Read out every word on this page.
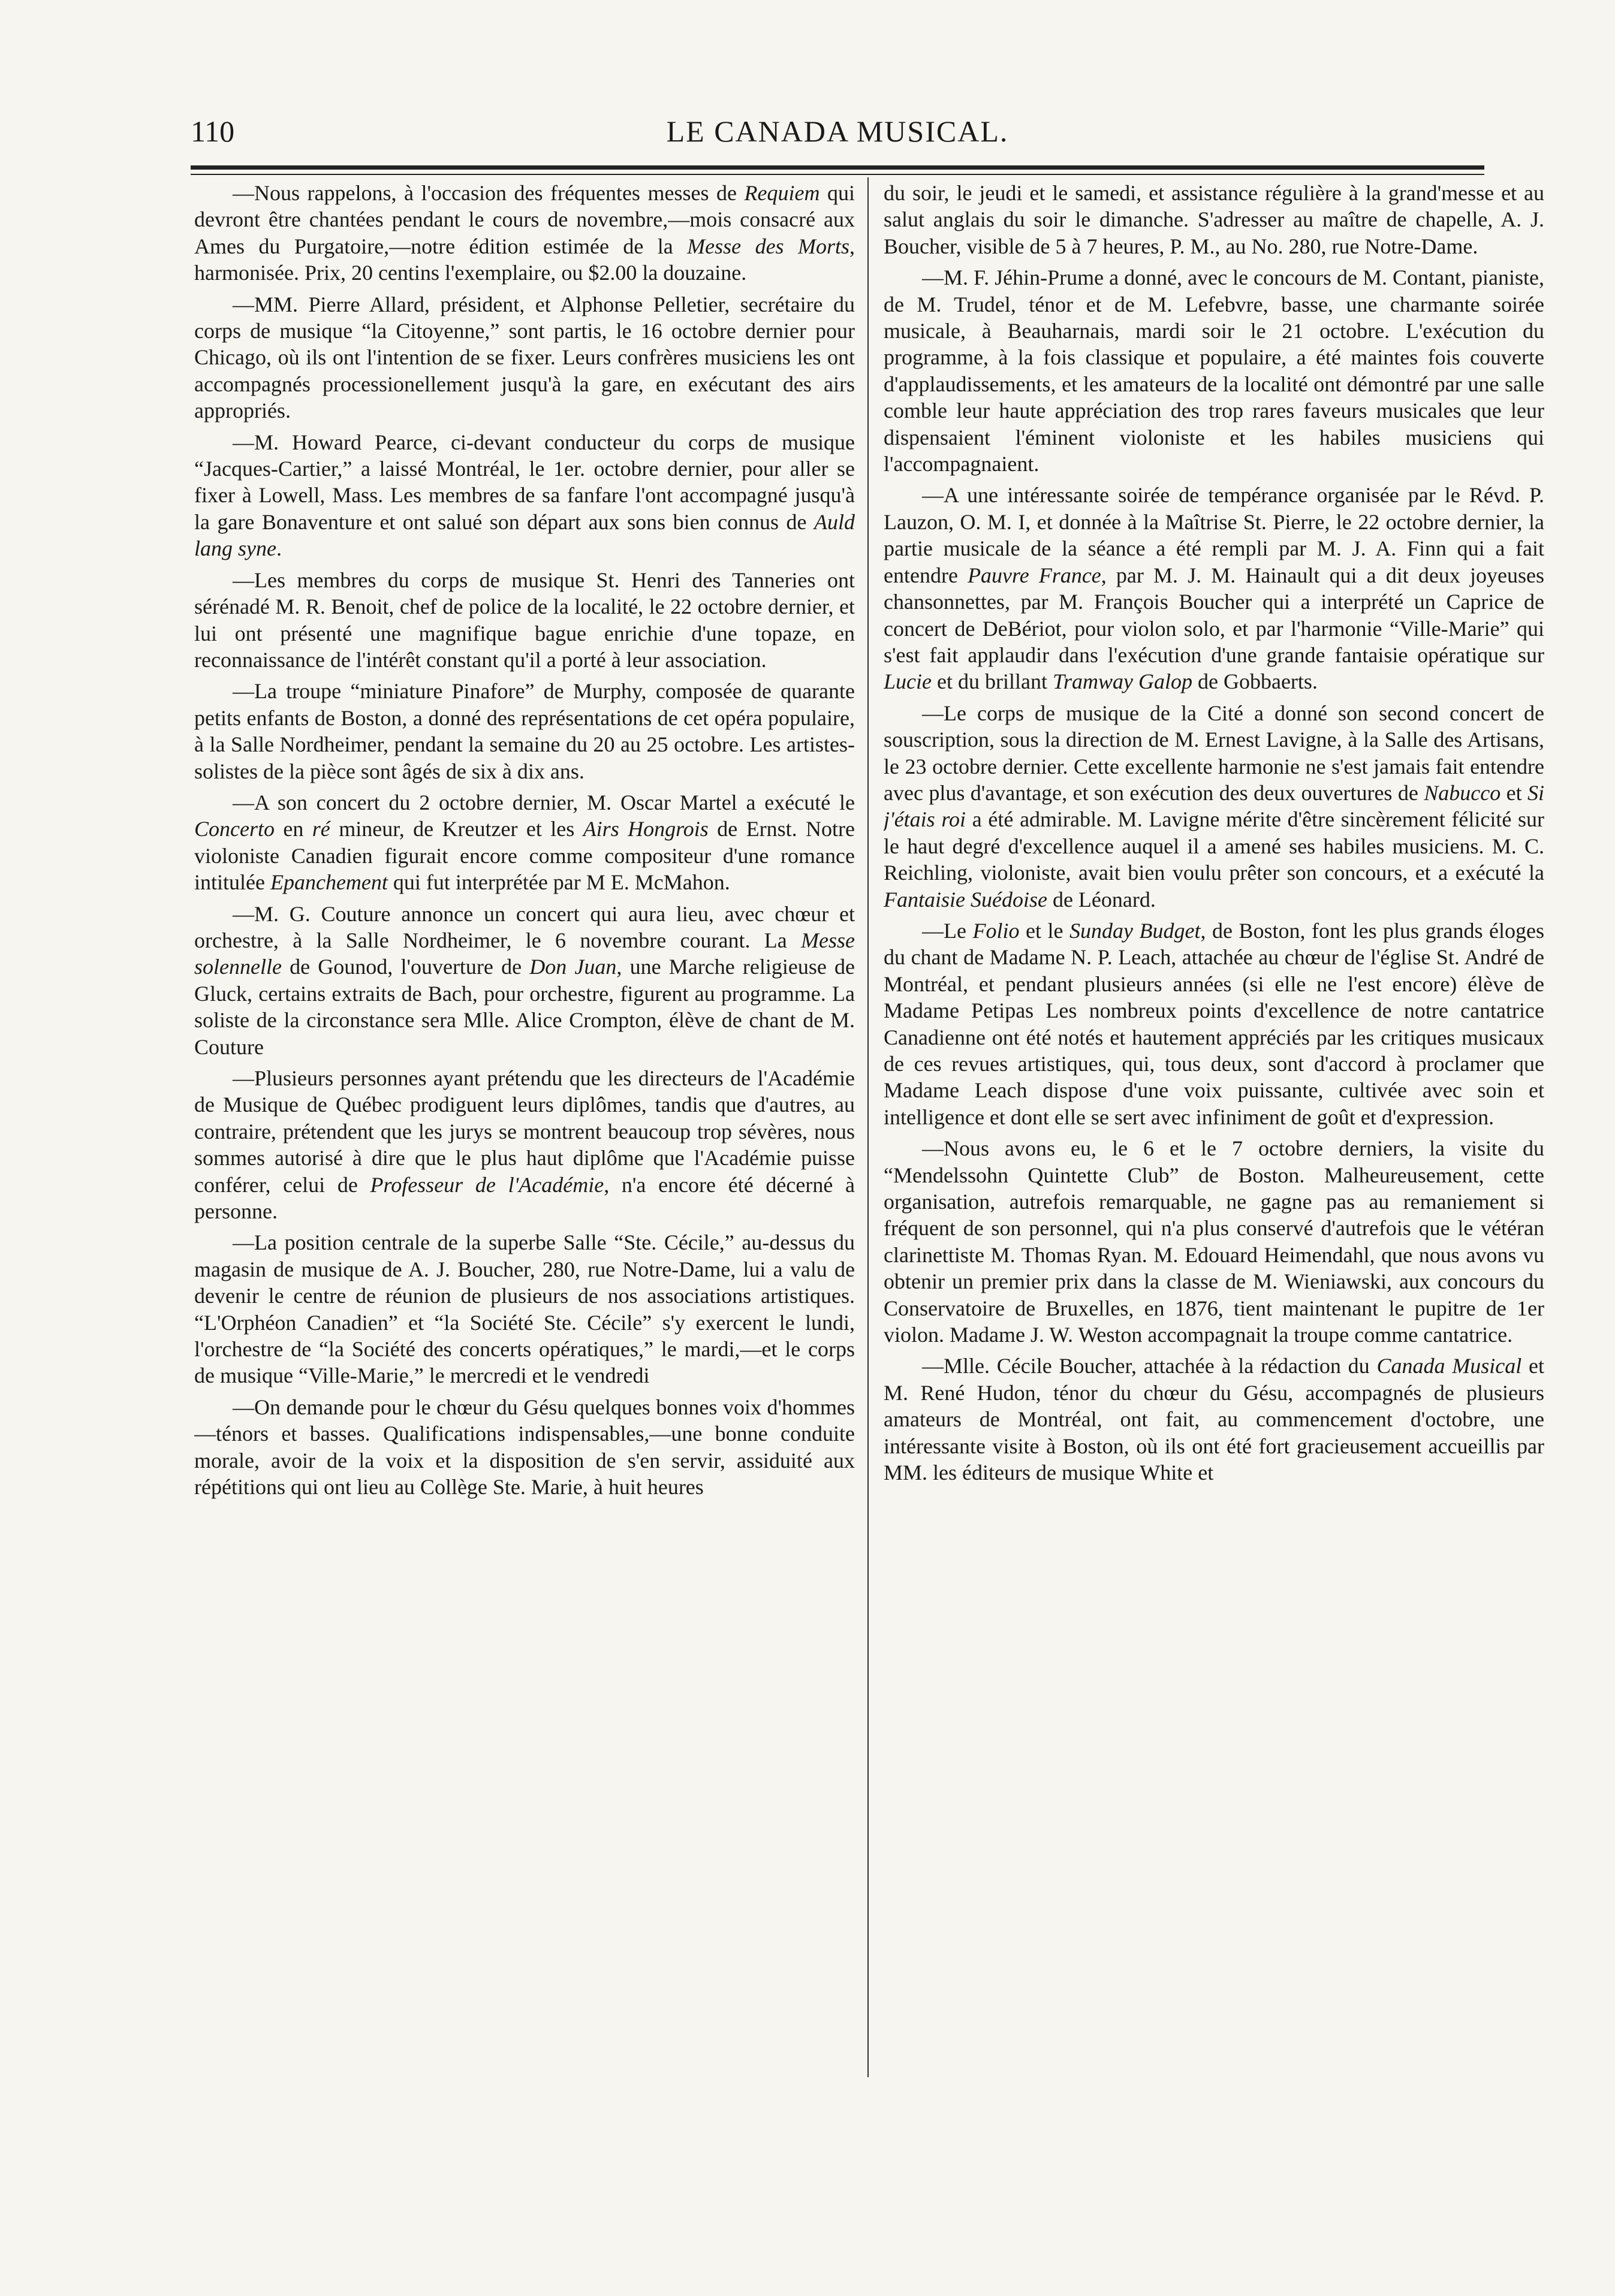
110	LE CANADA MUSICAL.

—Nous rappelons, à l'occasion des fréquentes messes de Requiem qui devront être chantées pendant le cours de novembre,—mois consacré aux Ames du Purgatoire,—notre édition estimée de la Messe des Morts, harmonisée. Prix, 20 centins l'exemplaire, ou $2.00 la douzaine.

—MM. Pierre Allard, président, et Alphonse Pelletier, secrétaire du corps de musique “la Citoyenne,” sont partis, le 16 octobre dernier pour Chicago, où ils ont l'intention de se fixer. Leurs confrères musiciens les ont accompagnés processionellement jusqu'à la gare, en exécutant des airs appropriés.

—M. Howard Pearce, ci-devant conducteur du corps de musique “Jacques-Cartier,” a laissé Montréal, le 1er. octobre dernier, pour aller se fixer à Lowell, Mass. Les membres de sa fanfare l'ont accompagné jusqu'à la gare Bonaventure et ont salué son départ aux sons bien connus de Auld lang syne.

—Les membres du corps de musique St. Henri des Tanneries ont sérénadé M. R. Benoit, chef de police de la localité, le 22 octobre dernier, et lui ont présenté une magnifique bague enrichie d'une topaze, en reconnaissance de l'intérêt constant qu'il a porté à leur association.

—La troupe “miniature Pinafore” de Murphy, composée de quarante petits enfants de Boston, a donné des représentations de cet opéra populaire, à la Salle Nordheimer, pendant la semaine du 20 au 25 octobre. Les artistes-solistes de la pièce sont âgés de six à dix ans.

—A son concert du 2 octobre dernier, M. Oscar Martel a exécuté le Concerto en ré mineur, de Kreutzer et les Airs Hongrois de Ernst. Notre violoniste Canadien figurait encore comme compositeur d'une romance intitulée Epanchement qui fut interprétée par M E. McMahon.

—M. G. Couture annonce un concert qui aura lieu, avec chœur et orchestre, à la Salle Nordheimer, le 6 novembre courant. La Messe solennelle de Gounod, l'ouverture de Don Juan, une Marche religieuse de Gluck, certains extraits de Bach, pour orchestre, figurent au programme. La soliste de la circonstance sera Mlle. Alice Crompton, élève de chant de M. Couture

—Plusieurs personnes ayant prétendu que les directeurs de l'Académie de Musique de Québec prodiguent leurs diplômes, tandis que d'autres, au contraire, prétendent que les jurys se montrent beaucoup trop sévères, nous sommes autorisé à dire que le plus haut diplôme que l'Académie puisse conférer, celui de Professeur de l'Académie, n'a encore été décerné à personne.

—La position centrale de la superbe Salle “Ste. Cécile,” au-dessus du magasin de musique de A. J. Boucher, 280, rue Notre-Dame, lui a valu de devenir le centre de réunion de plusieurs de nos associations artistiques. “L'Orphéon Canadien” et “la Société Ste. Cécile” s'y exercent le lundi, l'orchestre de “la Société des concerts opératiques,” le mardi,—et le corps de musique “Ville-Marie,” le mercredi et le vendredi

—On demande pour le chœur du Gésu quelques bonnes voix d'hommes—ténors et basses. Qualifications indispensables,—une bonne conduite morale, avoir de la voix et la disposition de s'en servir, assiduité aux répétitions qui ont lieu au Collège Ste. Marie, à huit heures

du soir, le jeudi et le samedi, et assistance régulière à la grand'messe et au salut anglais du soir le dimanche. S'adresser au maître de chapelle, A. J. Boucher, visible de 5 à 7 heures, P. M., au No. 280, rue Notre-Dame.

—M. F. Jéhin-Prume a donné, avec le concours de M. Contant, pianiste, de M. Trudel, ténor et de M. Lefebvre, basse, une charmante soirée musicale, à Beauharnais, mardi soir le 21 octobre. L'exécution du programme, à la fois classique et populaire, a été maintes fois couverte d'applaudissements, et les amateurs de la localité ont démontré par une salle comble leur haute appréciation des trop rares faveurs musicales que leur dispensaient l'éminent violoniste et les habiles musiciens qui l'accompagnaient.

—A une intéressante soirée de tempérance organisée par le Révd. P. Lauzon, O. M. I, et donnée à la Maîtrise St. Pierre, le 22 octobre dernier, la partie musicale de la séance a été rempli par M. J. A. Finn qui a fait entendre Pauvre France, par M. J. M. Hainault qui a dit deux joyeuses chansonnettes, par M. François Boucher qui a interprété un Caprice de concert de DeBériot, pour violon solo, et par l'harmonie “Ville-Marie” qui s'est fait applaudir dans l'exécution d'une grande fantaisie opératique sur Lucie et du brillant Tramway Galop de Gobbaerts.

—Le corps de musique de la Cité a donné son second concert de souscription, sous la direction de M. Ernest Lavigne, à la Salle des Artisans, le 23 octobre dernier. Cette excellente harmonie ne s'est jamais fait entendre avec plus d'avantage, et son exécution des deux ouvertures de Nabucco et Si j'étais roi a été admirable. M. Lavigne mérite d'être sincèrement félicité sur le haut degré d'excellence auquel il a amené ses habiles musiciens. M. C. Reichling, violoniste, avait bien voulu prêter son concours, et a exécuté la Fantaisie Suédoise de Léonard.

—Le Folio et le Sunday Budget, de Boston, font les plus grands éloges du chant de Madame N. P. Leach, attachée au chœur de l'église St. André de Montréal, et pendant plusieurs années (si elle ne l'est encore) élève de Madame Petipas Les nombreux points d'excellence de notre cantatrice Canadienne ont été notés et hautement appréciés par les critiques musicaux de ces revues artistiques, qui, tous deux, sont d'accord à proclamer que Madame Leach dispose d'une voix puissante, cultivée avec soin et intelligence et dont elle se sert avec infiniment de goût et d'expression.

—Nous avons eu, le 6 et le 7 octobre derniers, la visite du “Mendelssohn Quintette Club” de Boston. Malheureusement, cette organisation, autrefois remarquable, ne gagne pas au remaniement si fréquent de son personnel, qui n'a plus conservé d'autrefois que le vétéran clarinettiste M. Thomas Ryan. M. Edouard Heimendahl, que nous avons vu obtenir un premier prix dans la classe de M. Wieniawski, aux concours du Conservatoire de Bruxelles, en 1876, tient maintenant le pupitre de 1er violon. Madame J. W. Weston accompagnait la troupe comme cantatrice.

—Mlle. Cécile Boucher, attachée à la rédaction du Canada Musical et M. René Hudon, ténor du chœur du Gésu, accompagnés de plusieurs amateurs de Montréal, ont fait, au commencement d'octobre, une intéressante visite à Boston, où ils ont été fort gracieusement accueillis par MM. les éditeurs de musique White et
